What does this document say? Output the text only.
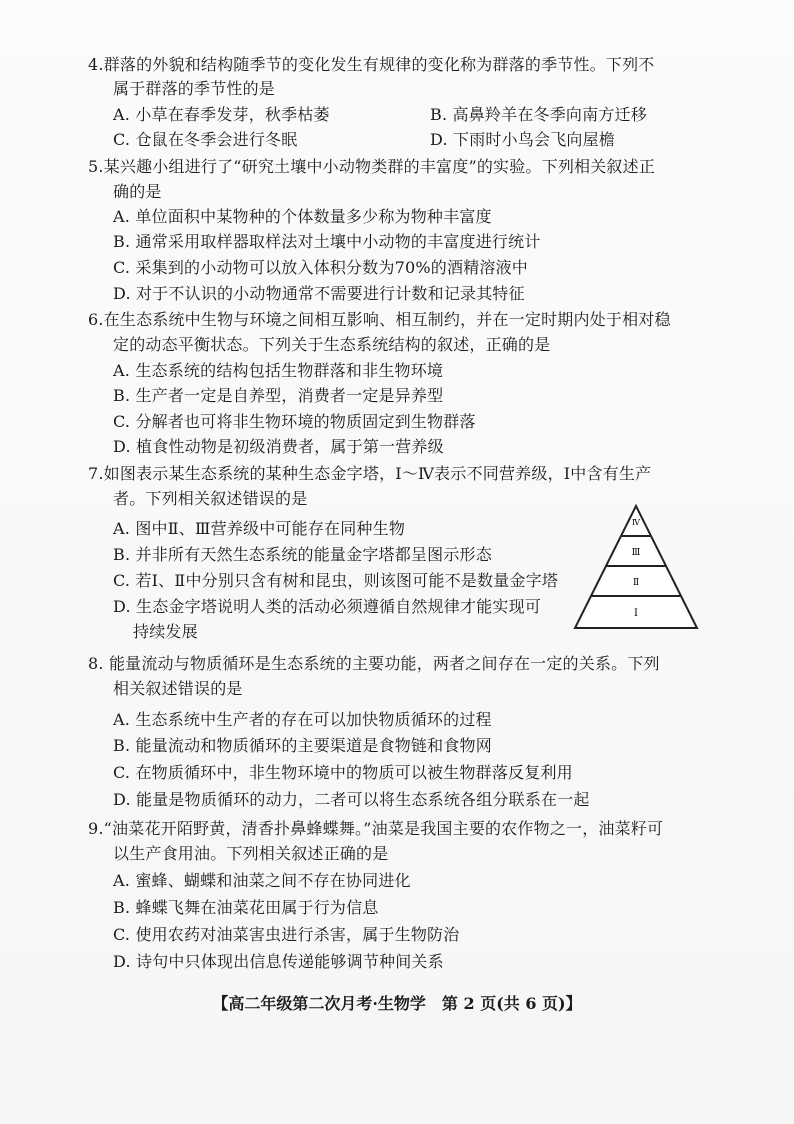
4.群落的外貌和结构随季节的变化发生有规律的变化称为群落的季节性。下列不
属于群落的季节性的是
A. 小草在春季发芽，秋季枯萎	B. 高鼻羚羊在冬季向南方迁移
C. 仓鼠在冬季会进行冬眠	D. 下雨时小鸟会飞向屋檐
5.某兴趣小组进行了“研究土壤中小动物类群的丰富度”的实验。下列相关叙述正
确的是
A. 单位面积中某物种的个体数量多少称为物种丰富度
B. 通常采用取样器取样法对土壤中小动物的丰富度进行统计
C. 采集到的小动物可以放入体积分数为70%的酒精溶液中
D. 对于不认识的小动物通常不需要进行计数和记录其特征
6.在生态系统中生物与环境之间相互影响、相互制约，并在一定时期内处于相对稳
定的动态平衡状态。下列关于生态系统结构的叙述，正确的是
A. 生态系统的结构包括生物群落和非生物环境
B. 生产者一定是自养型，消费者一定是异养型
C. 分解者也可将非生物环境的物质固定到生物群落
D. 植食性动物是初级消费者，属于第一营养级
7.如图表示某生态系统的某种生态金字塔，Ⅰ～Ⅳ表示不同营养级，Ⅰ中含有生产
者。下列相关叙述错误的是
A. 图中Ⅱ、Ⅲ营养级中可能存在同种生物
B. 并非所有天然生态系统的能量金字塔都呈图示形态
C. 若Ⅰ、Ⅱ中分别只含有树和昆虫，则该图可能不是数量金字塔
D. 生态金字塔说明人类的活动必须遵循自然规律才能实现可
持续发展
Ⅳ
Ⅲ
Ⅱ
Ⅰ
8. 能量流动与物质循环是生态系统的主要功能，两者之间存在一定的关系。下列
相关叙述错误的是
A. 生态系统中生产者的存在可以加快物质循环的过程
B. 能量流动和物质循环的主要渠道是食物链和食物网
C. 在物质循环中，非生物环境中的物质可以被生物群落反复利用
D. 能量是物质循环的动力，二者可以将生态系统各组分联系在一起
9.“油菜花开陌野黄，清香扑鼻蜂蝶舞。”油菜是我国主要的农作物之一，油菜籽可
以生产食用油。下列相关叙述正确的是
A. 蜜蜂、蝴蝶和油菜之间不存在协同进化
B. 蜂蝶飞舞在油菜花田属于行为信息
C. 使用农药对油菜害虫进行杀害，属于生物防治
D. 诗句中只体现出信息传递能够调节种间关系
【高二年级第二次月考·生物学　第 2 页(共 6 页)】
